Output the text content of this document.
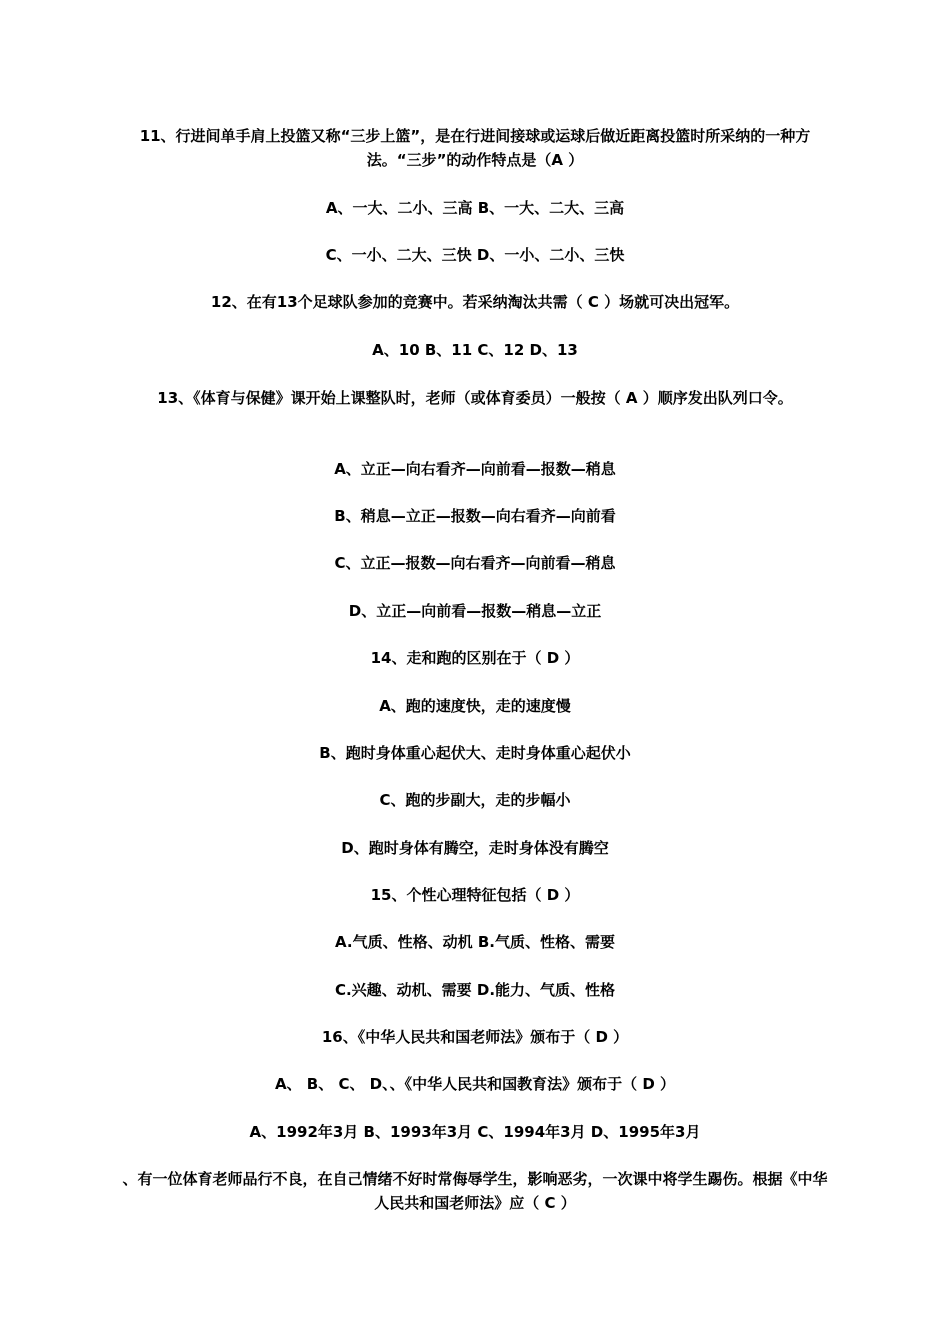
11、行进间单手肩上投篮又称“三步上篮”，是在行进间接球或运球后做近距离投篮时所采纳的一种方法。“三步”的动作特点是（A ）
A、一大、二小、三高 B、一大、二大、三高
C、一小、二大、三快 D、一小、二小、三快
12、在有13个足球队参加的竞赛中。若采纳淘汰共需（ C ）场就可决出冠军。
A、10 B、11 C、12 D、13
13、《体育与保健》课开始上课整队时，老师（或体育委员）一般按（ A ）顺序发出队列口令。
A、立正—向右看齐—向前看—报数—稍息
B、稍息—立正—报数—向右看齐—向前看
C、立正—报数—向右看齐—向前看—稍息
D、立正—向前看—报数—稍息—立正
14、走和跑的区别在于（ D ）
A、跑的速度快，走的速度慢
B、跑时身体重心起伏大、走时身体重心起伏小
C、跑的步副大，走的步幅小
D、跑时身体有腾空，走时身体没有腾空
15、个性心理特征包括（ D ）
A.气质、性格、动机 B.气质、性格、需要
C.兴趣、动机、需要 D.能力、气质、性格
16、《中华人民共和国老师法》颁布于（ D ）
A、 B、 C、 D、、《中华人民共和国教育法》颁布于（ D ）
A、1992年3月 B、1993年3月 C、1994年3月 D、1995年3月
、有一位体育老师品行不良，在自己情绪不好时常侮辱学生，影响恶劣，一次课中将学生踢伤。根据《中华人民共和国老师法》应（ C ）
